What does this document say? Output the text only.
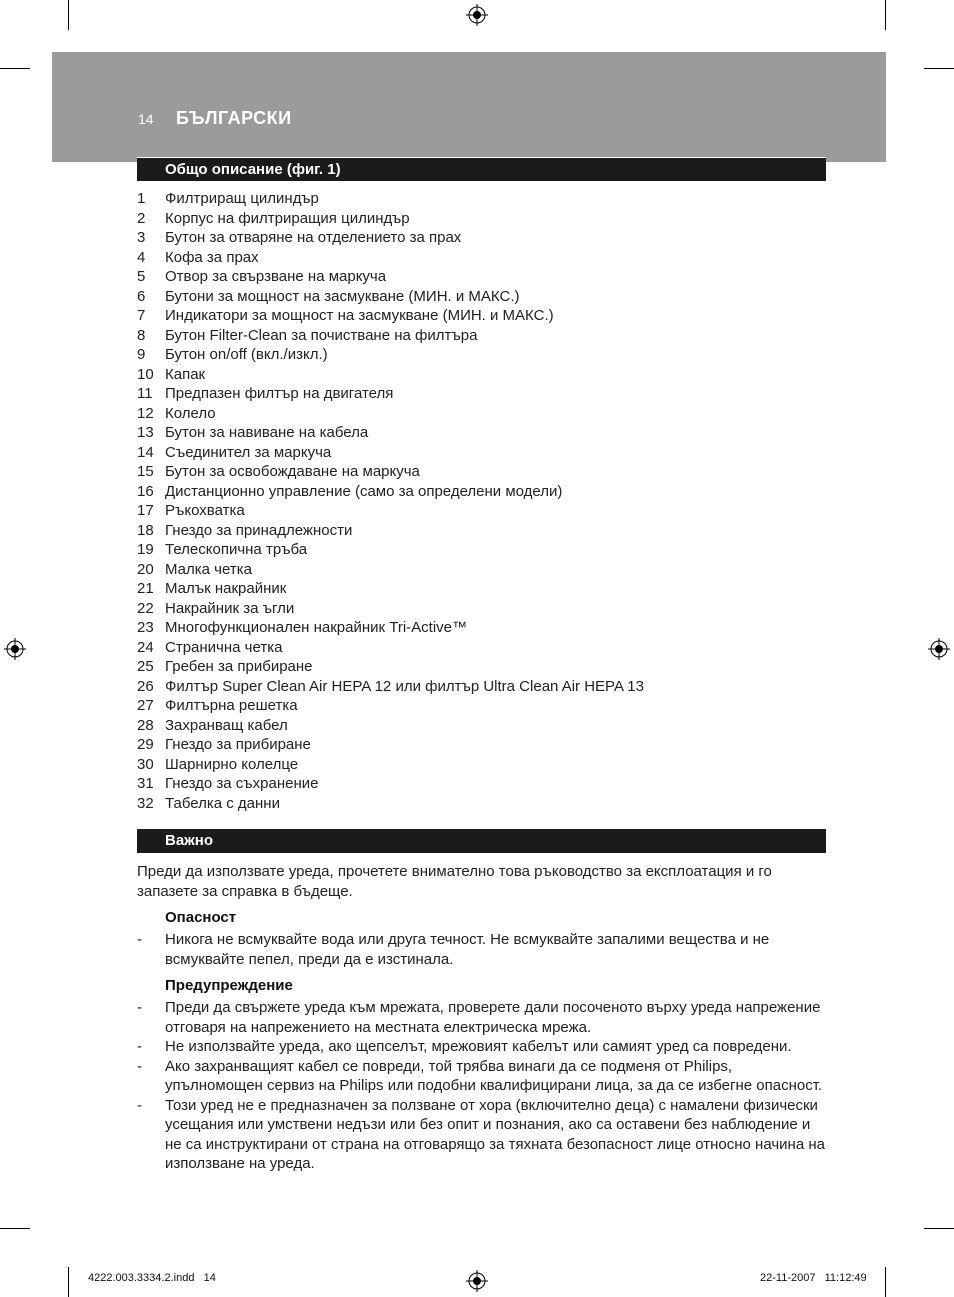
14 БЪЛГАРСКИ
Общо описание (фиг. 1)
1 Филтриращ цилиндър
2 Корпус на филтриращия цилиндър
3 Бутон за отваряне на отделението за прах
4 Кофа за прах
5 Отвор за свързване на маркуча
6 Бутони за мощност на засмукване (МИН. и МАКС.)
7 Индикатори за мощност на засмукване (МИН. и МАКС.)
8 Бутон Filter-Clean за почистване на филтъра
9 Бутон on/off (вкл./изкл.)
10 Капак
11 Предпазен филтър на двигателя
12 Колело
13 Бутон за навиване на кабела
14 Съединител за маркуча
15 Бутон за освобождаване на маркуча
16 Дистанционно управление (само за определени модели)
17 Ръкохватка
18 Гнездо за принадлежности
19 Телескопична тръба
20 Малка четка
21 Малък накрайник
22 Накрайник за ъгли
23 Многофункционален накрайник Tri-Active™
24 Странична четка
25 Гребен за прибиране
26 Филтър Super Clean Air HEPA 12 или филтър Ultra Clean Air HEPA 13
27 Филтърна решетка
28 Захранващ кабел
29 Гнездо за прибиране
30 Шарнирно колелце
31 Гнездо за съхранение
32 Табелка с данни
Важно
Преди да използвате уреда, прочетете внимателно това ръководство за експлоатация и го запазете за справка в бъдеще.
Опасност
- Никога не всмуквайте вода или друга течност. Не всмуквайте запалими вещества и не всмуквайте пепел, преди да е изстинала.
Предупреждение
- Преди да свържете уреда към мрежата, проверете дали посоченото върху уреда напрежение отговаря на напрежението на местната електрическа мрежа.
- Не използвайте уреда, ако щепселът, мрежовият кабелът или самият уред са повредени.
- Ако захранващият кабел се повреди, той трябва винаги да се подменя от Philips, упълномощен сервиз на Philips или подобни квалифицирани лица, за да се избегне опасност.
- Този уред не е предназначен за ползване от хора (включително деца) с намалени физически усещания или умствени недъзи или без опит и познания, ако са оставени без наблюдение и не са инструктирани от страна на отговарящо за тяхната безопасност лице относно начина на използване на уреда.
4222.003.3334.2.indd   14	22-11-2007   11:12:49
